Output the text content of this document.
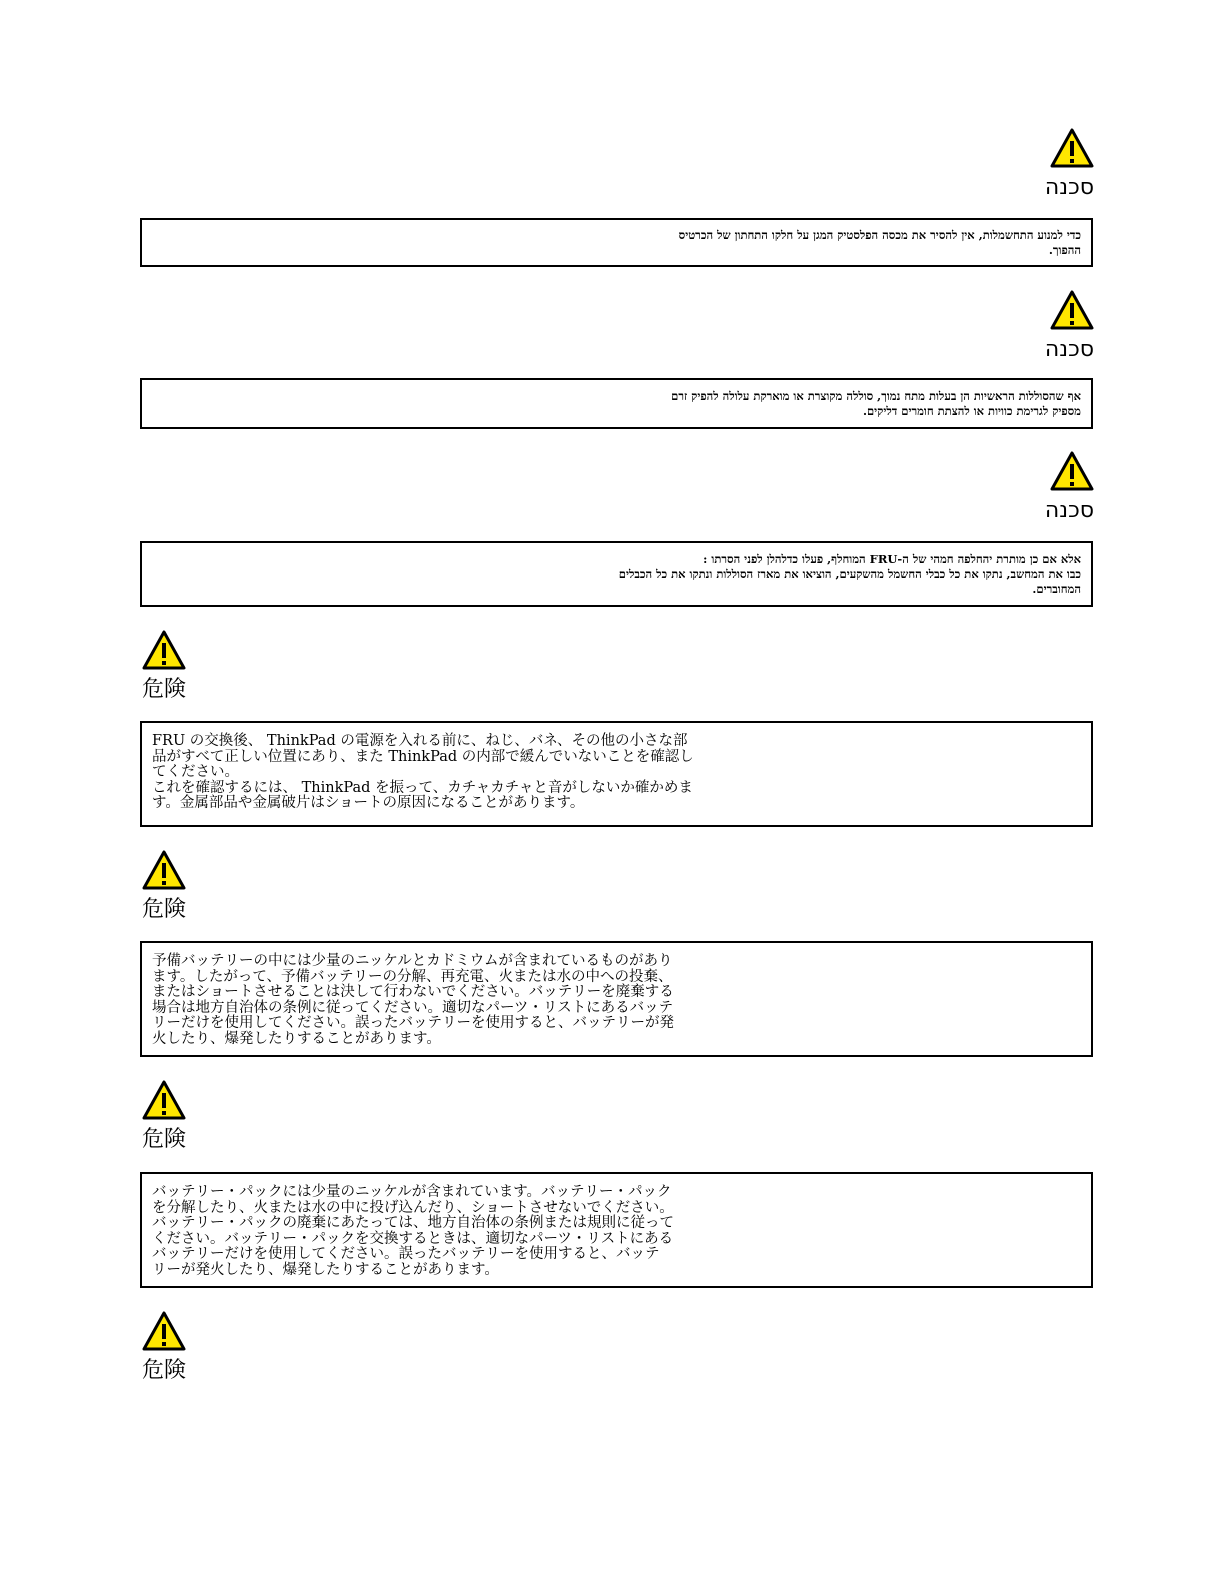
סכנה
כדי למנוע התחשמלות, אין להסיר את מכסה הפלסטיק המגן על חלקו התחתון של הכרטיס
ההפוך.
סכנה
אף שהסוללות הראשיות הן בעלות מתח נמוך, סוללה מקוצרת או מוארקת עלולה להפיק זרם
מספיק לגרימת כוויות או להצתת חומרים דליקים.
סכנה
אלא אם כן מותרת יהחלפה חמהי של ה-FRU המוחלף, פעלו כדלהלן לפני הסרתו :
כבו את המחשב, נתקו את כל כבלי החשמל מהשקעים, הוציאו את מארז הסוללות ונתקו את כל הכבלים
המחוברים.
危険
FRU の交換後、 ThinkPad の電源を入れる前に、ねじ、バネ、その他の小さな部
品がすべて正しい位置にあり、また ThinkPad の内部で緩んでいないことを確認し
てください。
これを確認するには、 ThinkPad を振って、カチャカチャと音がしないか確かめま
す。金属部品や金属破片はショートの原因になることがあります。
危険
予備バッテリーの中には少量のニッケルとカドミウムが含まれているものがあり
ます。したがって、予備バッテリーの分解、再充電、火または水の中への投棄、
またはショートさせることは決して行わないでください。バッテリーを廃棄する
場合は地方自治体の条例に従ってください。適切なパーツ・リストにあるバッテ
リーだけを使用してください。誤ったバッテリーを使用すると、バッテリーが発
火したり、爆発したりすることがあります。
危険
バッテリー・パックには少量のニッケルが含まれています。バッテリー・パック
を分解したり、火または水の中に投げ込んだり、ショートさせないでください。
バッテリー・パックの廃棄にあたっては、地方自治体の条例または規則に従って
ください。バッテリー・パックを交換するときは、適切なパーツ・リストにある
バッテリーだけを使用してください。誤ったバッテリーを使用すると、バッテ
リーが発火したり、爆発したりすることがあります。
危険
